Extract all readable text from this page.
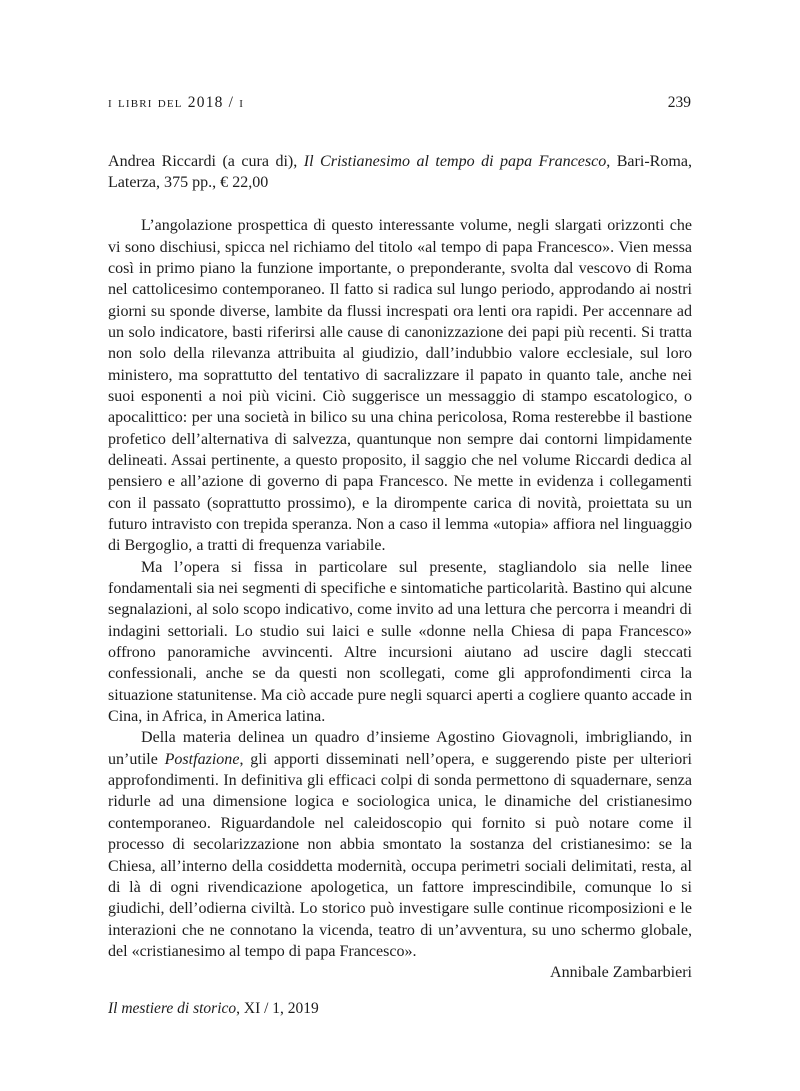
i libri del 2018 / i	239

Andrea Riccardi (a cura di), Il Cristianesimo al tempo di papa Francesco, Bari-Roma, Laterza, 375 pp., € 22,00

L’angolazione prospettica di questo interessante volume, negli slargati orizzonti che vi sono dischiusi, spicca nel richiamo del titolo «al tempo di papa Francesco». Vien messa così in primo piano la funzione importante, o preponderante, svolta dal vescovo di Roma nel cattolicesimo contemporaneo. Il fatto si radica sul lungo periodo, approdando ai nostri giorni su sponde diverse, lambite da flussi increspati ora lenti ora rapidi. Per accennare ad un solo indicatore, basti riferirsi alle cause di canonizzazione dei papi più recenti. Si tratta non solo della rilevanza attribuita al giudizio, dall’indubbio valore ecclesiale, sul loro ministero, ma soprattutto del tentativo di sacralizzare il papato in quanto tale, anche nei suoi esponenti a noi più vicini. Ciò suggerisce un messaggio di stampo escatologico, o apocalittico: per una società in bilico su una china pericolosa, Roma resterebbe il bastione profetico dell’alternativa di salvezza, quantunque non sempre dai contorni limpidamente delineati. Assai pertinente, a questo proposito, il saggio che nel volume Riccardi dedica al pensiero e all’azione di governo di papa Francesco. Ne mette in evidenza i collegamenti con il passato (soprattutto prossimo), e la dirompente carica di novità, proiettata su un futuro intravisto con trepida speranza. Non a caso il lemma «utopia» affiora nel linguaggio di Bergoglio, a tratti di frequenza variabile.

Ma l’opera si fissa in particolare sul presente, stagliandolo sia nelle linee fondamentali sia nei segmenti di specifiche e sintomatiche particolarità. Bastino qui alcune segnalazioni, al solo scopo indicativo, come invito ad una lettura che percorra i meandri di indagini settoriali. Lo studio sui laici e sulle «donne nella Chiesa di papa Francesco» offrono panoramiche avvincenti. Altre incursioni aiutano ad uscire dagli steccati confessionali, anche se da questi non scollegati, come gli approfondimenti circa la situazione statunitense. Ma ciò accade pure negli squarci aperti a cogliere quanto accade in Cina, in Africa, in America latina.

Della materia delinea un quadro d’insieme Agostino Giovagnoli, imbrigliando, in un’utile Postfazione, gli apporti disseminati nell’opera, e suggerendo piste per ulteriori approfondimenti. In definitiva gli efficaci colpi di sonda permettono di squadernare, senza ridurle ad una dimensione logica e sociologica unica, le dinamiche del cristianesimo contemporaneo. Riguardandole nel caleidoscopio qui fornito si può notare come il processo di secolarizzazione non abbia smontato la sostanza del cristianesimo: se la Chiesa, all’interno della cosiddetta modernità, occupa perimetri sociali delimitati, resta, al di là di ogni rivendicazione apologetica, un fattore imprescindibile, comunque lo si giudichi, dell’odierna civiltà. Lo storico può investigare sulle continue ricomposizioni e le interazioni che ne connotano la vicenda, teatro di un’avventura, su uno schermo globale, del «cristianesimo al tempo di papa Francesco».

Annibale Zambarbieri

Il mestiere di storico, XI / 1, 2019
